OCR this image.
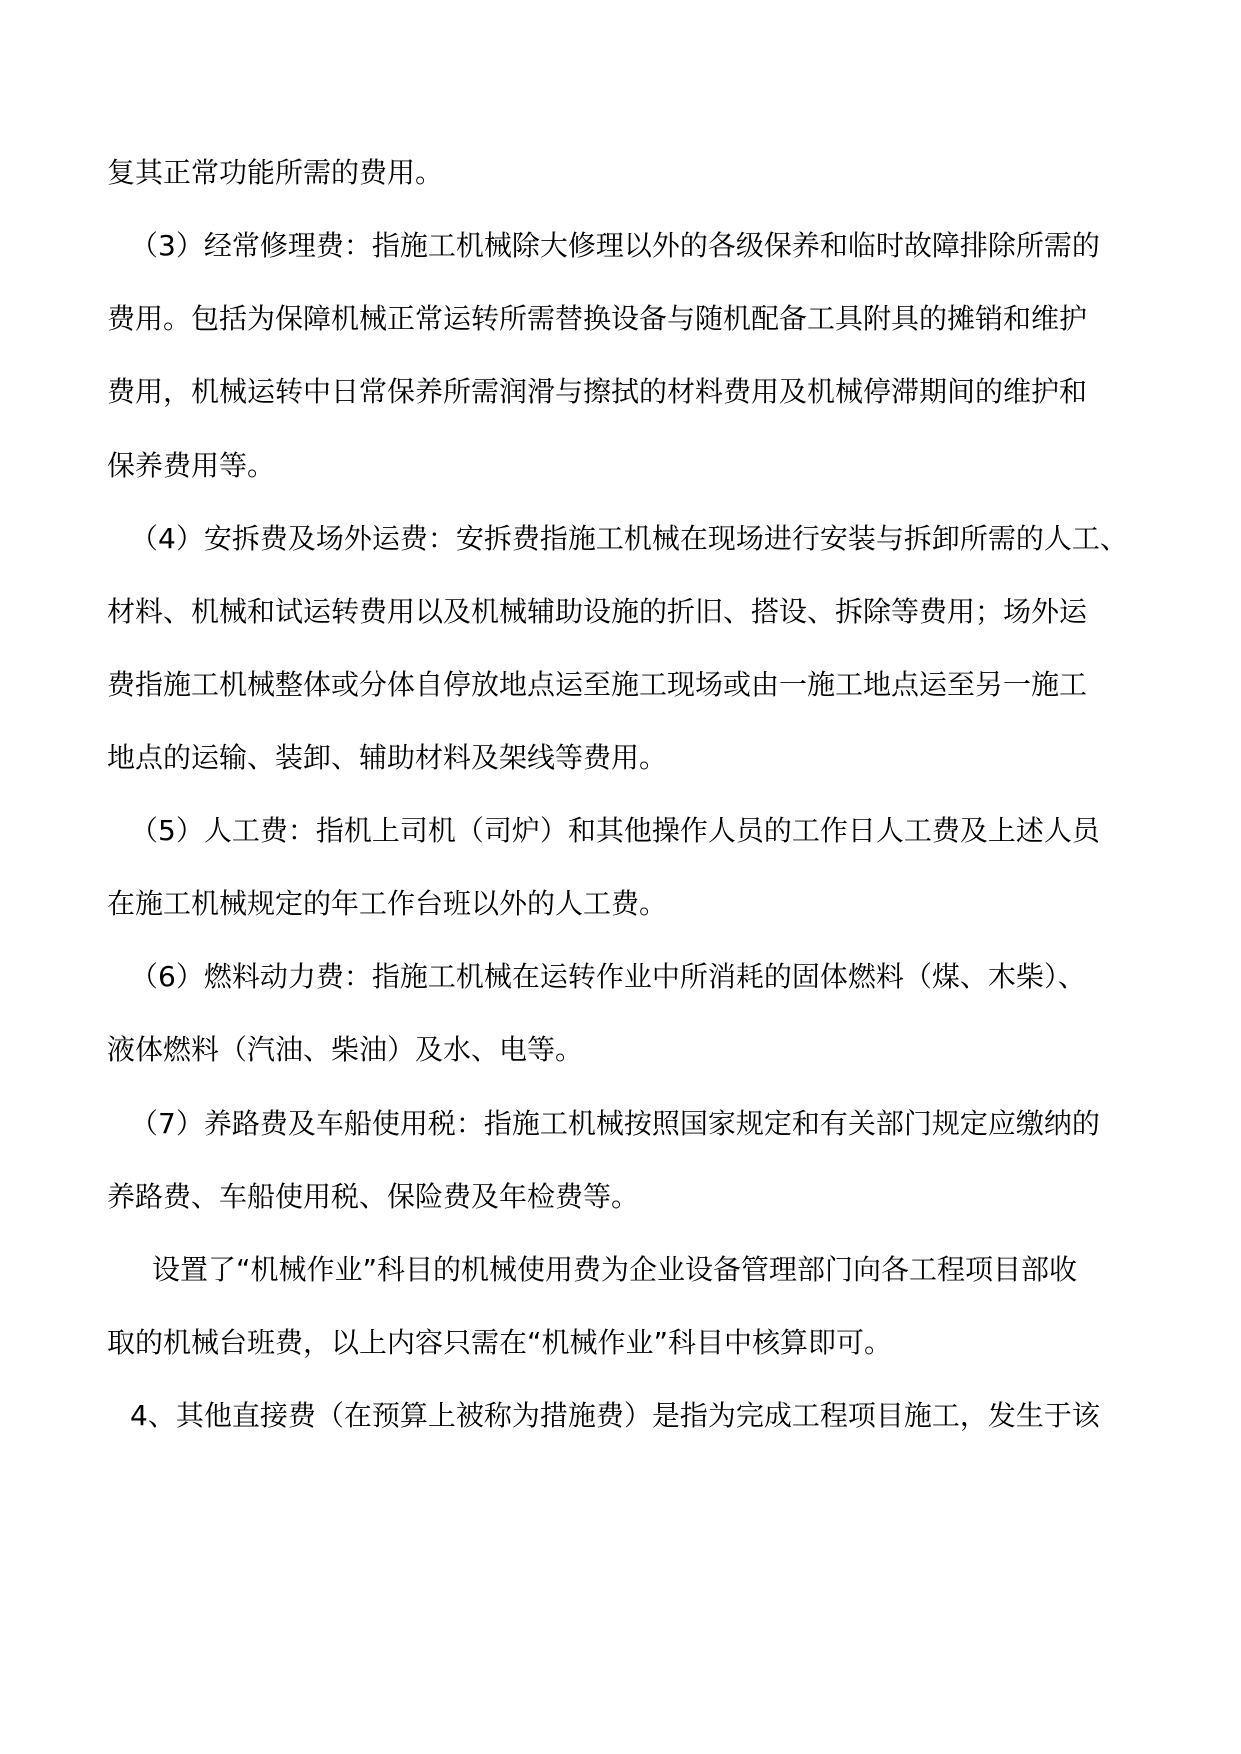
复其正常功能所需的费用。
（3）经常修理费：指施工机械除大修理以外的各级保养和临时故障排除所需的
费用。包括为保障机械正常运转所需替换设备与随机配备工具附具的摊销和维护
费用，机械运转中日常保养所需润滑与擦拭的材料费用及机械停滞期间的维护和
保养费用等。
（4）安拆费及场外运费：安拆费指施工机械在现场进行安装与拆卸所需的人工、
材料、机械和试运转费用以及机械辅助设施的折旧、搭设、拆除等费用；场外运
费指施工机械整体或分体自停放地点运至施工现场或由一施工地点运至另一施工
地点的运输、装卸、辅助材料及架线等费用。
（5）人工费：指机上司机（司炉）和其他操作人员的工作日人工费及上述人员
在施工机械规定的年工作台班以外的人工费。
（6）燃料动力费：指施工机械在运转作业中所消耗的固体燃料（煤、木柴）、
液体燃料（汽油、柴油）及水、电等。
（7）养路费及车船使用税：指施工机械按照国家规定和有关部门规定应缴纳的
养路费、车船使用税、保险费及年检费等。
设置了“机械作业”科目的机械使用费为企业设备管理部门向各工程项目部收
取的机械台班费，以上内容只需在“机械作业”科目中核算即可。
4、其他直接费（在预算上被称为措施费）是指为完成工程项目施工，发生于该
